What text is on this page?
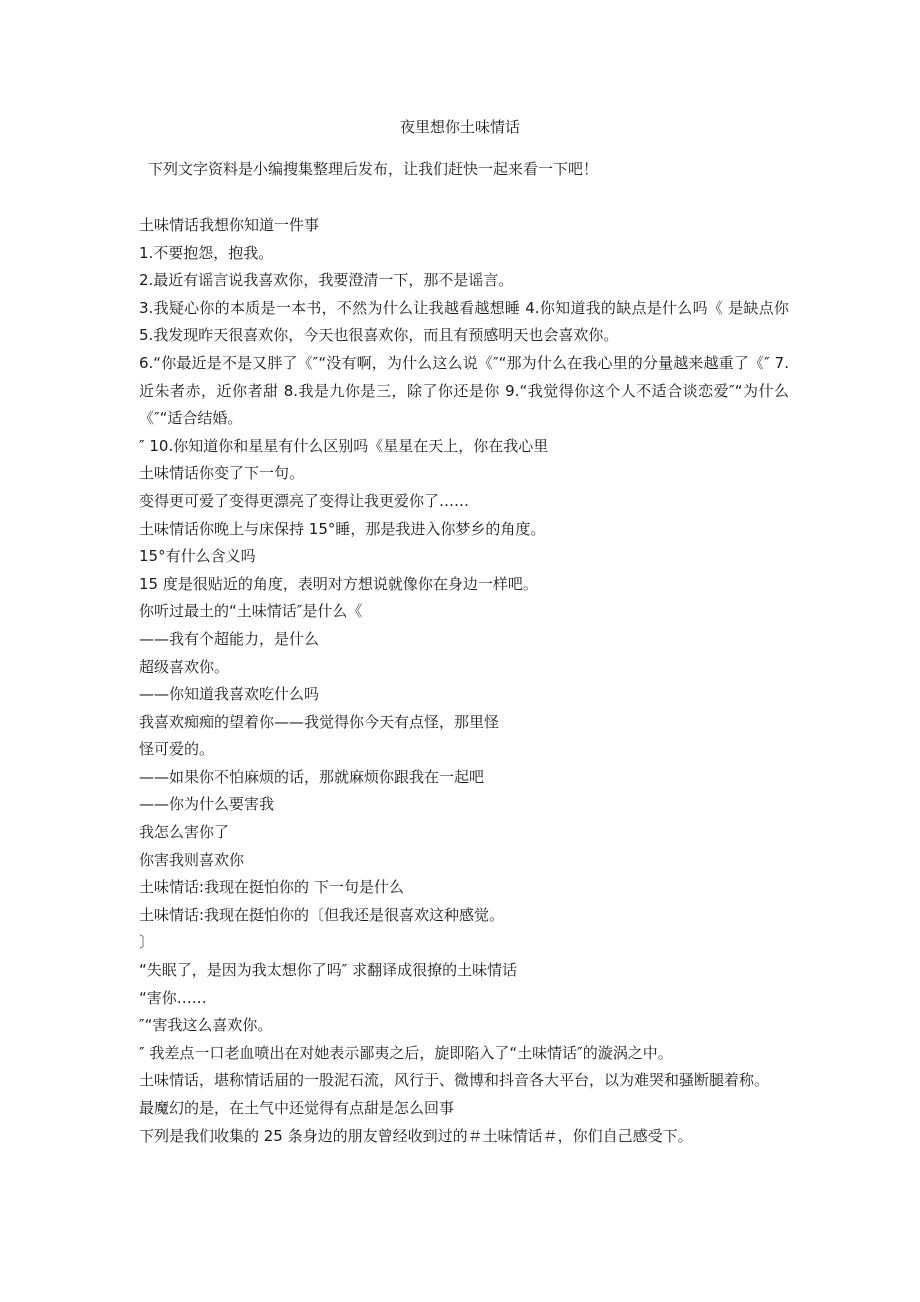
夜里想你土味情话
下列文字资料是小编搜集整理后发布，让我们赶快一起来看一下吧！

土味情话我想你知道一件事

1.不要抱怨，抱我。

2.最近有谣言说我喜欢你，我要澄清一下，那不是谣言。

3.我疑心你的本质是一本书，不然为什么让我越看越想睡 4.你知道我的缺点是什么吗《 是缺点你 5.我发现昨天很喜欢你，今天也很喜欢你，而且有预感明天也会喜欢你。

6.“你最近是不是又胖了《″“没有啊，为什么这么说《″“那为什么在我心里的分量越来越重了《″ 7.近朱者赤，近你者甜 8.我是九你是三，除了你还是你 9.“我觉得你这个人不适合谈恋爱″“为什么《″“适合结婚。

″ 10.你知道你和星星有什么区别吗《星星在天上，你在我心里

土味情话你变了下一句。

变得更可爱了变得更漂亮了变得让我更爱你了……

土味情话你晚上与床保持 15°睡，那是我进入你梦乡的角度。

15°有什么含义吗

15 度是很贴近的角度，表明对方想说就像你在身边一样吧。

你听过最土的“土味情话″是什么《

——我有个超能力，是什么

超级喜欢你。

——你知道我喜欢吃什么吗

我喜欢痴痴的望着你——我觉得你今天有点怪，那里怪

怪可爱的。

——如果你不怕麻烦的话，那就麻烦你跟我在一起吧

——你为什么要害我

我怎么害你了

你害我则喜欢你

土味情话:我现在挺怕你的 下一句是什么

土味情话:我现在挺怕你的〔但我还是很喜欢这种感觉。

〕

“失眠了，是因为我太想你了吗″ 求翻译成很撩的土味情话

“害你……

″“害我这么喜欢你。

″ 我差点一口老血喷出在对她表示鄙夷之后，旋即陷入了“土味情话″的漩涡之中。

土味情话，堪称情话届的一股泥石流，风行于、微博和抖音各大平台，以为难哭和骚断腿着称。

最魔幻的是，在土气中还觉得有点甜是怎么回事

下列是我们收集的 25 条身边的朋友曾经收到过的＃土味情话＃，你们自己感受下。
